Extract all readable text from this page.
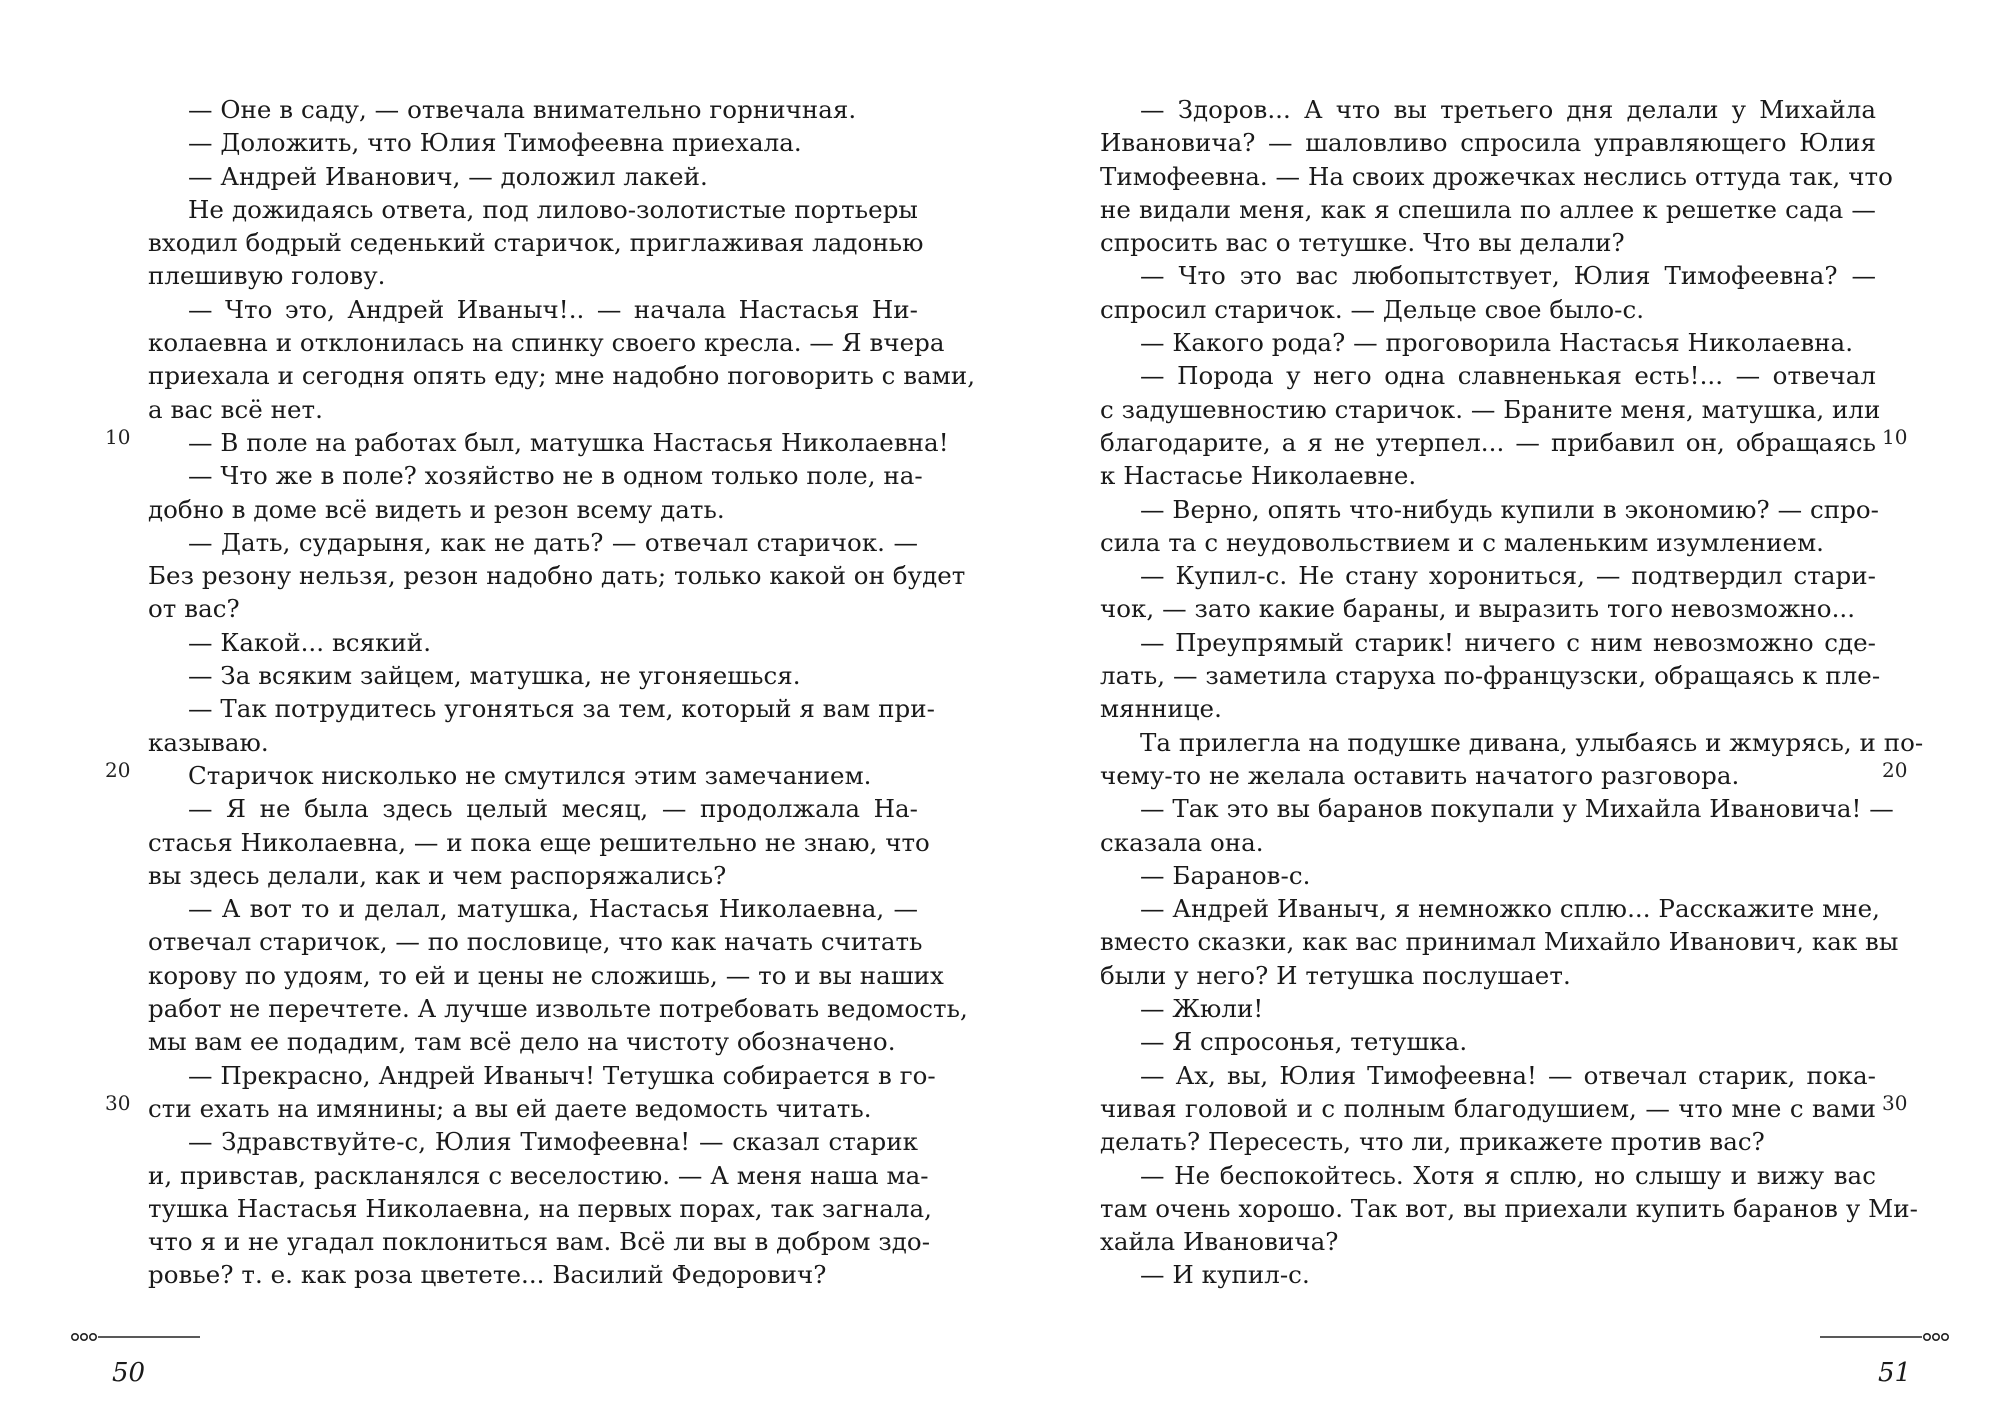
— Оне в саду, — отвечала внимательно горничная.
— Доложить, что Юлия Тимофеевна приехала.
— Андрей Иванович, — доложил лакей.
Не дожидаясь ответа, под лилово-золотистые портьеры
входил бодрый седенький старичок, приглаживая ладонью
плешивую голову.
— Что это, Андрей Иваныч!.. — начала Настасья Ни-
колаевна и отклонилась на спинку своего кресла. — Я вчера
приехала и сегодня опять еду; мне надобно поговорить с вами,
а вас всё нет.
— В поле на работах был, матушка Настасья Николаевна!
— Что же в поле? хозяйство не в одном только поле, на-
добно в доме всё видеть и резон всему дать.
— Дать, сударыня, как не дать? — отвечал старичок. —
Без резону нельзя, резон надобно дать; только какой он будет
от вас?
— Какой... всякий.
— За всяким зайцем, матушка, не угоняешься.
— Так потрудитесь угоняться за тем, который я вам при-
казываю.
Старичок нисколько не смутился этим замечанием.
— Я не была здесь целый месяц, — продолжала На-
стасья Николаевна, — и пока еще решительно не знаю, что
вы здесь делали, как и чем распоряжались?
— А вот то и делал, матушка, Настасья Николаевна, —
отвечал старичок, — по пословице, что как начать считать
корову по удоям, то ей и цены не сложишь, — то и вы наших
работ не перечтете. А лучше извольте потребовать ведомость,
мы вам ее подадим, там всё дело на чистоту обозначено.
— Прекрасно, Андрей Иваныч! Тетушка собирается в го-
сти ехать на имянины; а вы ей даете ведомость читать.
— Здравствуйте-с, Юлия Тимофеевна! — сказал старик
и, привстав, раскланялся с веселостию. — А меня наша ма-
тушка Настасья Николаевна, на первых порах, так загнала,
что я и не угадал поклониться вам. Всё ли вы в добром здо-
ровье? т. е. как роза цветете... Василий Федорович?
10
20
30
50
— Здоров... А что вы третьего дня делали у Михайла
Ивановича? — шаловливо спросила управляющего Юлия
Тимофеевна. — На своих дрожечках неслись оттуда так, что
не видали меня, как я спешила по аллее к решетке сада —
спросить вас о тетушке. Что вы делали?
— Что это вас любопытствует, Юлия Тимофеевна? —
спросил старичок. — Дельце свое было-с.
— Какого рода? — проговорила Настасья Николаевна.
— Порода у него одна славненькая есть!... — отвечал
с задушевностию старичок. — Браните меня, матушка, или
благодарите, а я не утерпел... — прибавил он, обращаясь
к Настасье Николаевне.
— Верно, опять что-нибудь купили в экономию? — спро-
сила та с неудовольствием и с маленьким изумлением.
— Купил-с. Не стану хорониться, — подтвердил стари-
чок, — зато какие бараны, и выразить того невозможно...
— Преупрямый старик! ничего с ним невозможно сде-
лать, — заметила старуха по-французски, обращаясь к пле-
мяннице.
Та прилегла на подушке дивана, улыбаясь и жмурясь, и по-
чему-то не желала оставить начатого разговора.
— Так это вы баранов покупали у Михайла Ивановича! —
сказала она.
— Баранов-с.
— Андрей Иваныч, я немножко сплю... Расскажите мне,
вместо сказки, как вас принимал Михайло Иванович, как вы
были у него? И тетушка послушает.
— Жюли!
— Я спросонья, тетушка.
— Ах, вы, Юлия Тимофеевна! — отвечал старик, пока-
чивая головой и с полным благодушием, — что мне с вами
делать? Пересесть, что ли, прикажете против вас?
— Не беспокойтесь. Хотя я сплю, но слышу и вижу вас
там очень хорошо. Так вот, вы приехали купить баранов у Ми-
хайла Ивановича?
— И купил-с.
10
20
30
51
